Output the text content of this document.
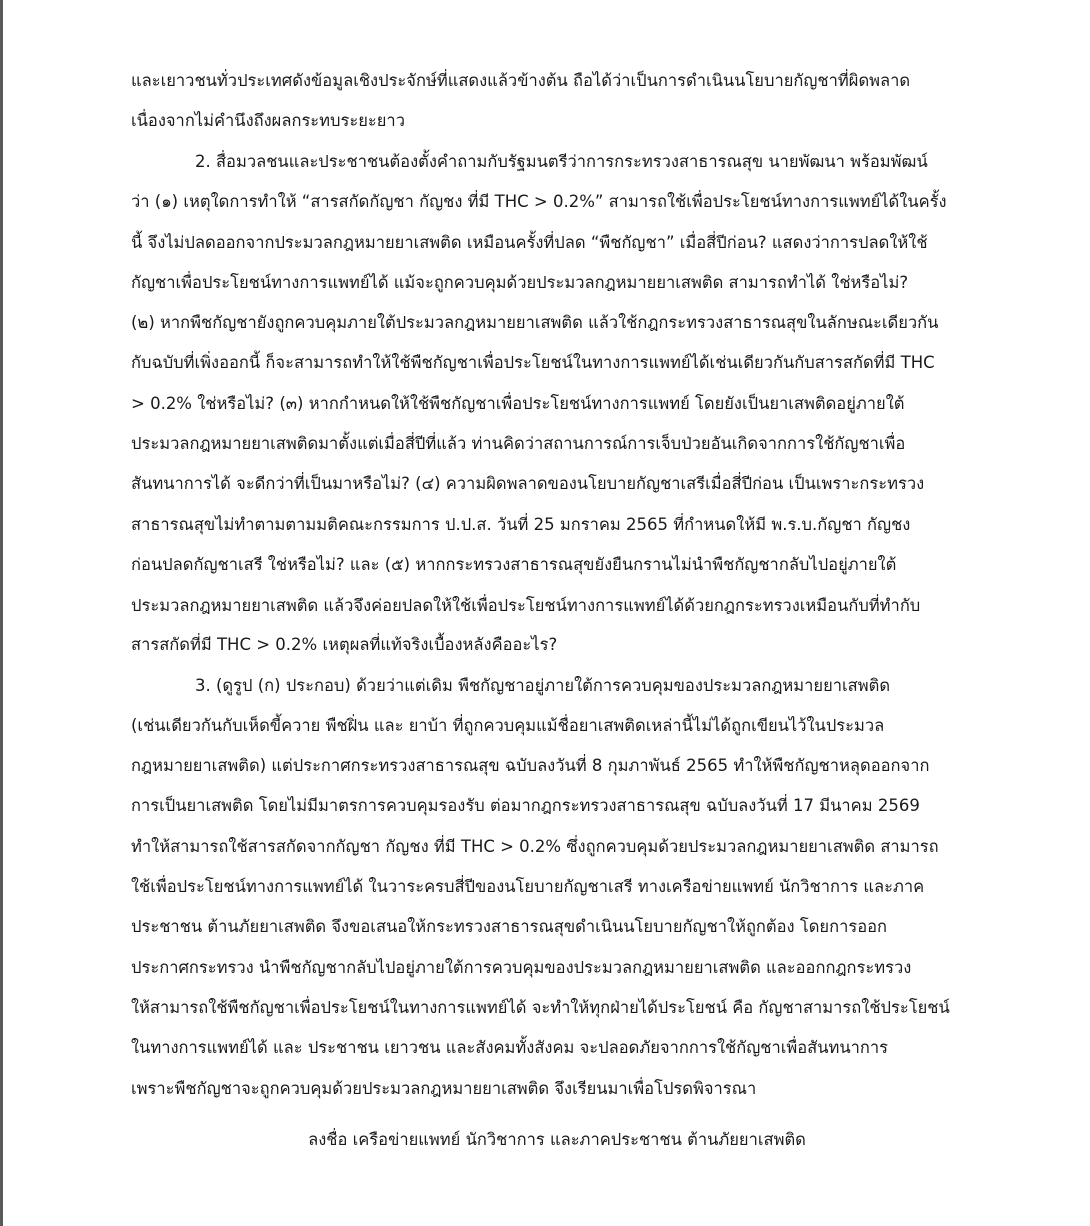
และเยาวชนทั่วประเทศดังข้อมูลเชิงประจักษ์ที่แสดงแล้วข้างต้น ถือได้ว่าเป็นการดำเนินนโยบายกัญชาที่ผิดพลาด
เนื่องจากไม่คำนึงถึงผลกระทบระยะยาว
2. สื่อมวลชนและประชาชนต้องตั้งคำถามกับรัฐมนตรีว่าการกระทรวงสาธารณสุข นายพัฒนา พร้อมพัฒน์
ว่า (๑) เหตุใดการทำให้ “สารสกัดกัญชา กัญชง ที่มี THC > 0.2%” สามารถใช้เพื่อประโยชน์ทางการแพทย์ได้ในครั้ง
นี้ จึงไม่ปลดออกจากประมวลกฎหมายยาเสพติด เหมือนครั้งที่ปลด “พืชกัญชา” เมื่อสี่ปีก่อน? แสดงว่าการปลดให้ใช้
กัญชาเพื่อประโยชน์ทางการแพทย์ได้ แม้จะถูกควบคุมด้วยประมวลกฎหมายยาเสพติด สามารถทำได้ ใช่หรือไม่?
(๒) หากพืชกัญชายังถูกควบคุมภายใต้ประมวลกฎหมายยาเสพติด แล้วใช้กฎกระทรวงสาธารณสุขในลักษณะเดียวกัน
กับฉบับที่เพิ่งออกนี้ ก็จะสามารถทำให้ใช้พืชกัญชาเพื่อประโยชน์ในทางการแพทย์ได้เช่นเดียวกันกับสารสกัดที่มี THC
> 0.2% ใช่หรือไม่? (๓) หากกำหนดให้ใช้พืชกัญชาเพื่อประโยชน์ทางการแพทย์ โดยยังเป็นยาเสพติดอยู่ภายใต้
ประมวลกฎหมายยาเสพติดมาตั้งแต่เมื่อสี่ปีที่แล้ว ท่านคิดว่าสถานการณ์การเจ็บป่วยอันเกิดจากการใช้กัญชาเพื่อ
สันทนาการได้ จะดีกว่าที่เป็นมาหรือไม่? (๔) ความผิดพลาดของนโยบายกัญชาเสรีเมื่อสี่ปีก่อน เป็นเพราะกระทรวง
สาธารณสุขไม่ทำตามตามมติคณะกรรมการ ป.ป.ส. วันที่ 25 มกราคม 2565 ที่กำหนดให้มี พ.ร.บ.กัญชา กัญชง
ก่อนปลดกัญชาเสรี ใช่หรือไม่? และ (๕) หากกระทรวงสาธารณสุขยังยืนกรานไม่นำพืชกัญชากลับไปอยู่ภายใต้
ประมวลกฎหมายยาเสพติด แล้วจึงค่อยปลดให้ใช้เพื่อประโยชน์ทางการแพทย์ได้ด้วยกฎกระทรวงเหมือนกับที่ทำกับ
สารสกัดที่มี THC > 0.2% เหตุผลที่แท้จริงเบื้องหลังคืออะไร?
3. (ดูรูป (ก) ประกอบ) ด้วยว่าแต่เดิม พืชกัญชาอยู่ภายใต้การควบคุมของประมวลกฎหมายยาเสพติด
(เช่นเดียวกันกับเห็ดขี้ควาย พืชฝิ่น และ ยาบ้า ที่ถูกควบคุมแม้ชื่อยาเสพติดเหล่านี้ไม่ได้ถูกเขียนไว้ในประมวล
กฎหมายยาเสพติด) แต่ประกาศกระทรวงสาธารณสุข ฉบับลงวันที่ 8 กุมภาพันธ์ 2565 ทำให้พืชกัญชาหลุดออกจาก
การเป็นยาเสพติด โดยไม่มีมาตรการควบคุมรองรับ ต่อมากฎกระทรวงสาธารณสุข ฉบับลงวันที่ 17 มีนาคม 2569
ทำให้สามารถใช้สารสกัดจากกัญชา กัญชง ที่มี THC > 0.2% ซึ่งถูกควบคุมด้วยประมวลกฎหมายยาเสพติด สามารถ
ใช้เพื่อประโยชน์ทางการแพทย์ได้ ในวาระครบสี่ปีของนโยบายกัญชาเสรี ทางเครือข่ายแพทย์ นักวิชาการ และภาค
ประชาชน ต้านภัยยาเสพติด จึงขอเสนอให้กระทรวงสาธารณสุขดำเนินนโยบายกัญชาให้ถูกต้อง โดยการออก
ประกาศกระทรวง นำพืชกัญชากลับไปอยู่ภายใต้การควบคุมของประมวลกฎหมายยาเสพติด และออกกฎกระทรวง
ให้สามารถใช้พืชกัญชาเพื่อประโยชน์ในทางการแพทย์ได้ จะทำให้ทุกฝ่ายได้ประโยชน์ คือ กัญชาสามารถใช้ประโยชน์
ในทางการแพทย์ได้ และ ประชาชน เยาวชน และสังคมทั้งสังคม จะปลอดภัยจากการใช้กัญชาเพื่อสันทนาการ
เพราะพืชกัญชาจะถูกควบคุมด้วยประมวลกฎหมายยาเสพติด จึงเรียนมาเพื่อโปรดพิจารณา
ลงชื่อ เครือข่ายแพทย์ นักวิชาการ และภาคประชาชน ต้านภัยยาเสพติด
